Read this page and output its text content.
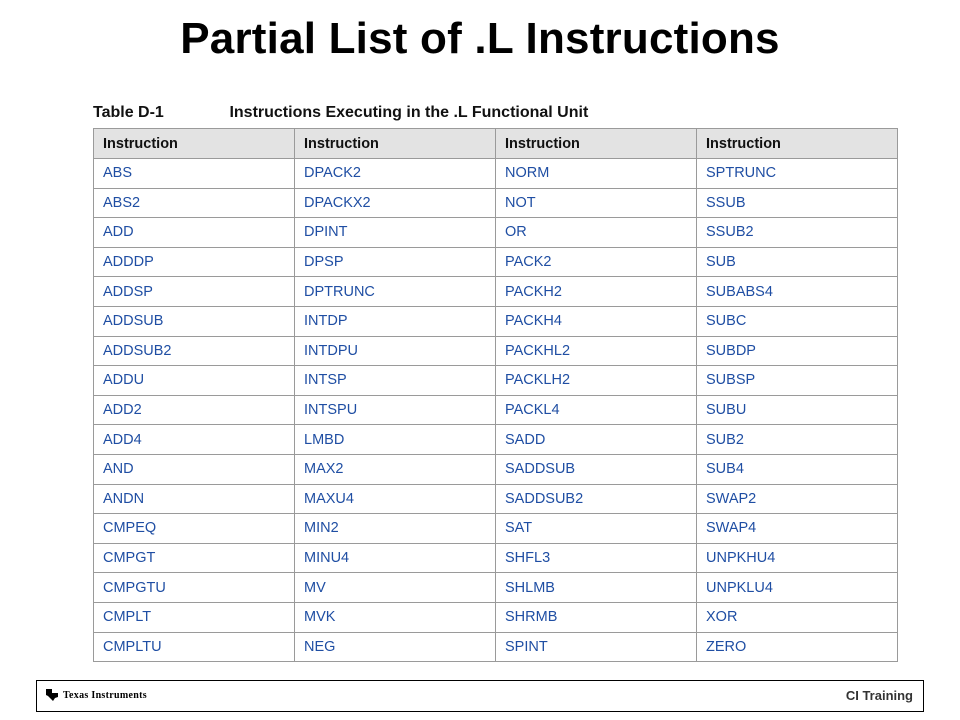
Partial List of .L Instructions
Table D-1	Instructions Executing in the .L Functional Unit
Instruction	Instruction	Instruction	Instruction
ABS	DPACK2	NORM	SPTRUNC
ABS2	DPACKX2	NOT	SSUB
ADD	DPINT	OR	SSUB2
ADDDP	DPSP	PACK2	SUB
ADDSP	DPTRUNC	PACKH2	SUBABS4
ADDSUB	INTDP	PACKH4	SUBC
ADDSUB2	INTDPU	PACKHL2	SUBDP
ADDU	INTSP	PACKLH2	SUBSP
ADD2	INTSPU	PACKL4	SUBU
ADD4	LMBD	SADD	SUB2
AND	MAX2	SADDSUB	SUB4
ANDN	MAXU4	SADDSUB2	SWAP2
CMPEQ	MIN2	SAT	SWAP4
CMPGT	MINU4	SHFL3	UNPKHU4
CMPGTU	MV	SHLMB	UNPKLU4
CMPLT	MVK	SHRMB	XOR
CMPLTU	NEG	SPINT	ZERO
Texas Instruments	CI Training
